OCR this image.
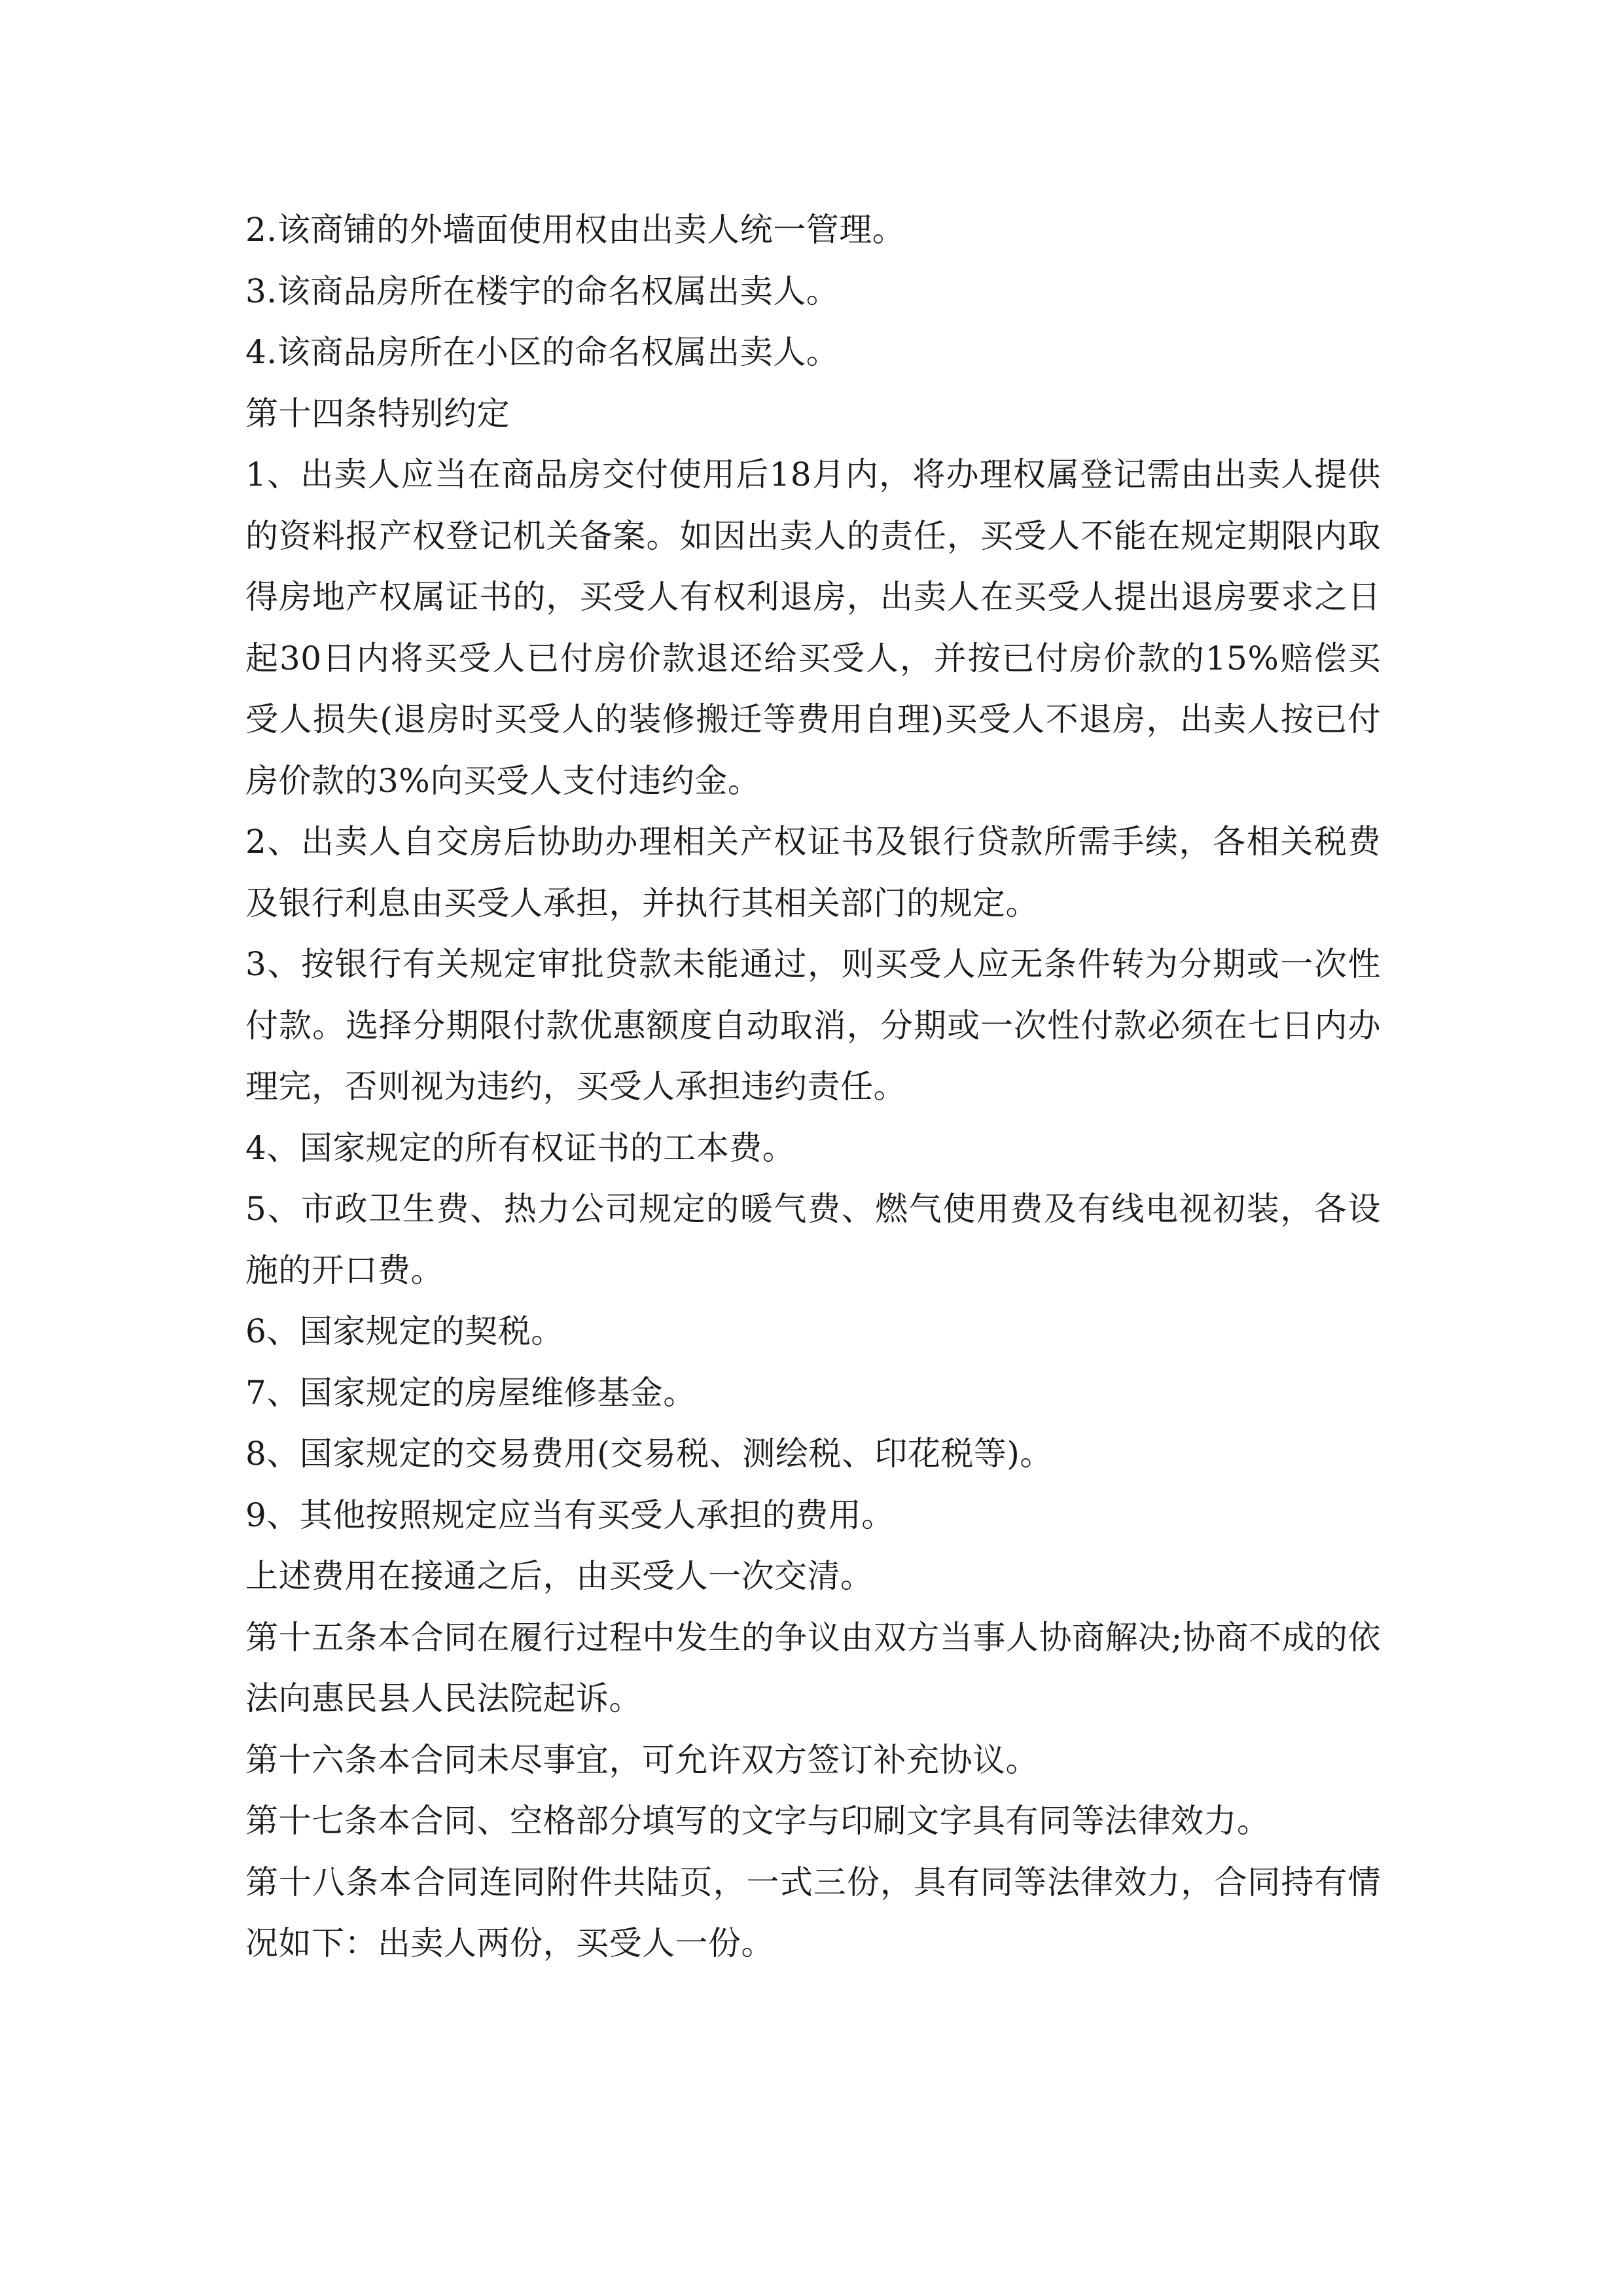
2.该商铺的外墙面使用权由出卖人统一管理。

3.该商品房所在楼宇的命名权属出卖人。

4.该商品房所在小区的命名权属出卖人。

第十四条特别约定

1、出卖人应当在商品房交付使用后18月内，将办理权属登记需由出卖人提供的资料报产权登记机关备案。如因出卖人的责任，买受人不能在规定期限内取得房地产权属证书的，买受人有权利退房，出卖人在买受人提出退房要求之日起30日内将买受人已付房价款退还给买受人，并按已付房价款的15%赔偿买受人损失(退房时买受人的装修搬迁等费用自理)买受人不退房，出卖人按已付房价款的3%向买受人支付违约金。

2、出卖人自交房后协助办理相关产权证书及银行贷款所需手续，各相关税费及银行利息由买受人承担，并执行其相关部门的规定。

3、按银行有关规定审批贷款未能通过，则买受人应无条件转为分期或一次性付款。选择分期限付款优惠额度自动取消，分期或一次性付款必须在七日内办理完，否则视为违约，买受人承担违约责任。

4、国家规定的所有权证书的工本费。

5、市政卫生费、热力公司规定的暖气费、燃气使用费及有线电视初装，各设施的开口费。

6、国家规定的契税。

7、国家规定的房屋维修基金。

8、国家规定的交易费用(交易税、测绘税、印花税等)。

9、其他按照规定应当有买受人承担的费用。

上述费用在接通之后，由买受人一次交清。

第十五条本合同在履行过程中发生的争议由双方当事人协商解决;协商不成的依法向惠民县人民法院起诉。

第十六条本合同未尽事宜，可允许双方签订补充协议。

第十七条本合同、空格部分填写的文字与印刷文字具有同等法律效力。

第十八条本合同连同附件共陆页，一式三份，具有同等法律效力，合同持有情况如下：出卖人两份，买受人一份。
